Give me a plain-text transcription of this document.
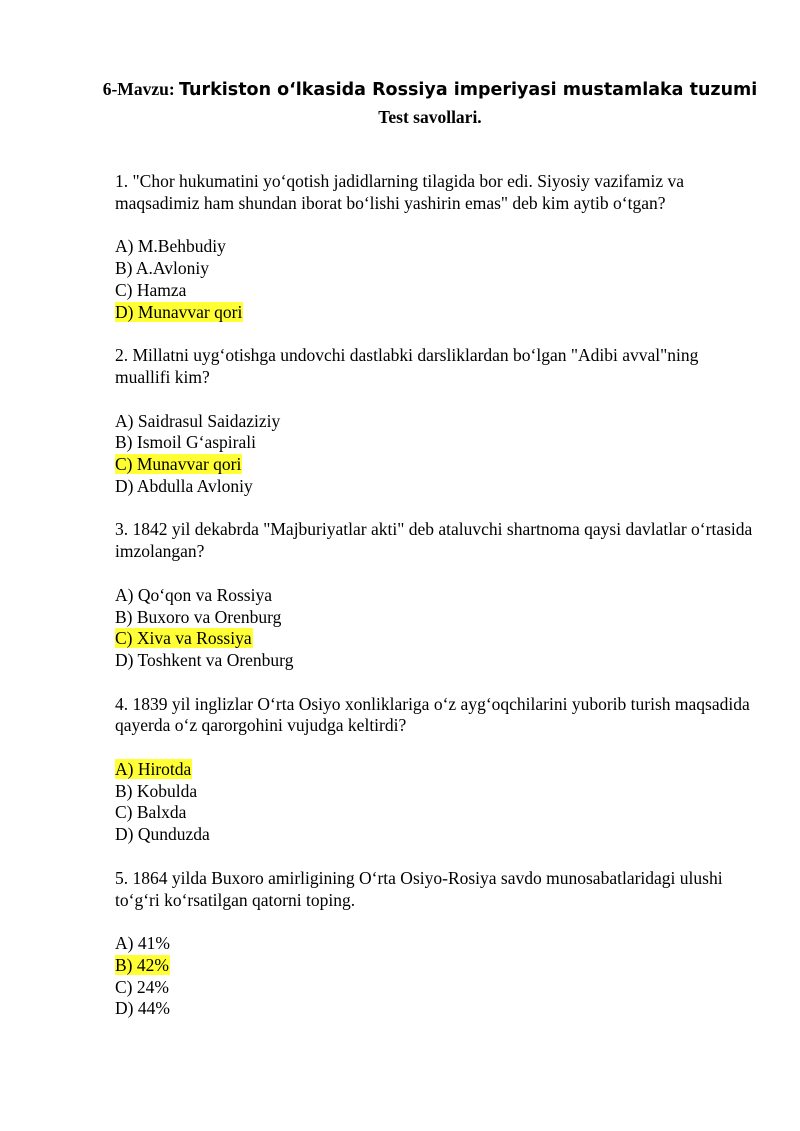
6-Mavzu: Turkiston oʻlkasida Rossiya imperiyasi mustamlaka tuzumi
Test savollari.

1. "Chor hukumatini yoʻqotish jadidlarning tilagida bor edi. Siyosiy vazifamiz va maqsadimiz ham shundan iborat boʻlishi yashirin emas" deb kim aytib oʻtgan?

A) M.Behbudiy
B) A.Avloniy
C) Hamza
D) Munavvar qori

2. Millatni uygʻotishga undovchi dastlabki darsliklardan boʻlgan "Adibi avval"ning muallifi kim?

A) Saidrasul Saidaziziy
B) Ismoil Gʻaspirali
C) Munavvar qori
D) Abdulla Avloniy

3. 1842 yil dekabrda "Majburiyatlar akti" deb ataluvchi shartnoma qaysi davlatlar oʻrtasida imzolangan?

A) Qoʻqon va Rossiya
B) Buxoro va Orenburg
C) Xiva va Rossiya
D) Toshkent va Orenburg

4. 1839 yil inglizlar Oʻrta Osiyo xonliklariga oʻz aygʻoqchilarini yuborib turish maqsadida qayerda oʻz qarorgohini vujudga keltirdi?

A) Hirotda
B) Kobulda
C) Balxda
D) Qunduzda

5. 1864 yilda Buxoro amirligining Oʻrta Osiyo-Rosiya savdo munosabatlaridagi ulushi toʻgʻri koʻrsatilgan qatorni toping.

A) 41%
B) 42%
C) 24%
D) 44%
